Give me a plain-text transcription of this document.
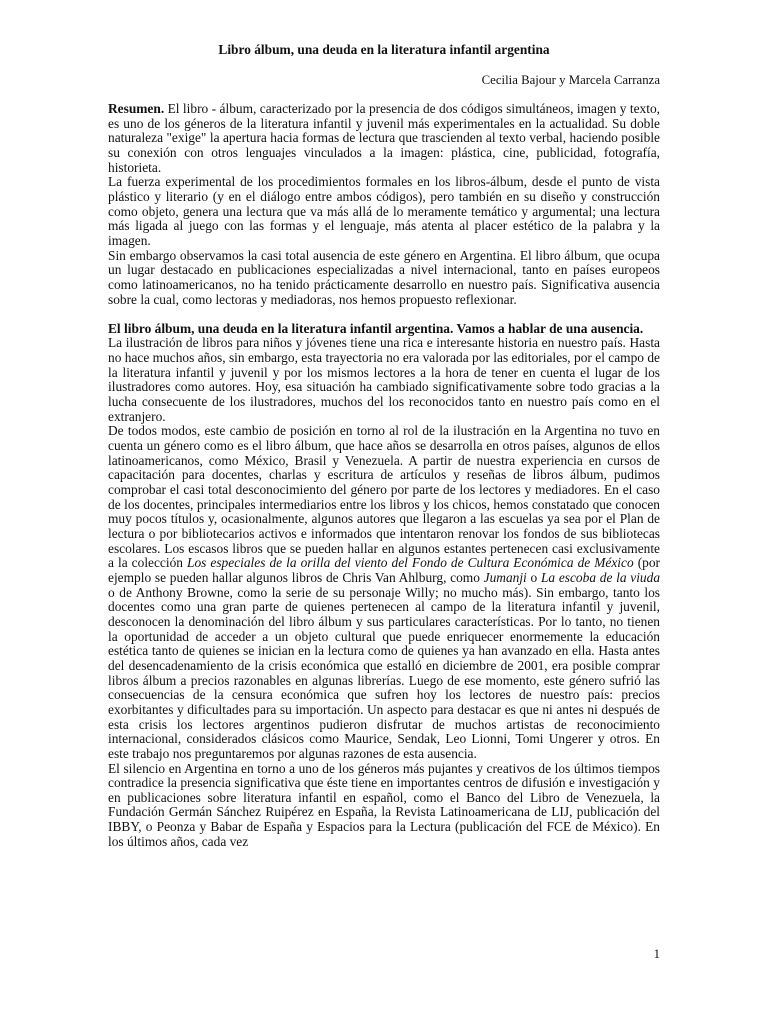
Libro álbum, una deuda en la literatura infantil argentina
Cecilia Bajour y Marcela Carranza

Resumen. El libro - álbum, caracterizado por la presencia de dos códigos simultáneos, imagen y texto, es uno de los géneros de la literatura infantil y juvenil más experimentales en la actualidad. Su doble naturaleza "exige" la apertura hacia formas de lectura que trascienden al texto verbal, haciendo posible su conexión con otros lenguajes vinculados a la imagen: plástica, cine, publicidad, fotografía, historieta.

La fuerza experimental de los procedimientos formales en los libros-álbum, desde el punto de vista plástico y literario (y en el diálogo entre ambos códigos), pero también en su diseño y construcción como objeto, genera una lectura que va más allá de lo meramente temático y argumental; una lectura más ligada al juego con las formas y el lenguaje, más atenta al placer estético de la palabra y la imagen.

Sin embargo observamos la casi total ausencia de este género en Argentina. El libro álbum, que ocupa un lugar destacado en publicaciones especializadas a nivel internacional, tanto en países europeos como latinoamericanos, no ha tenido prácticamente desarrollo en nuestro país. Significativa ausencia sobre la cual, como lectoras y mediadoras, nos hemos propuesto reflexionar.

El libro álbum, una deuda en la literatura infantil argentina. Vamos a hablar de una ausencia.

La ilustración de libros para niños y jóvenes tiene una rica e interesante historia en nuestro país. Hasta no hace muchos años, sin embargo, esta trayectoria no era valorada por las editoriales, por el campo de la literatura infantil y juvenil y por los mismos lectores a la hora de tener en cuenta el lugar de los ilustradores como autores. Hoy, esa situación ha cambiado significativamente sobre todo gracias a la lucha consecuente de los ilustradores, muchos del los reconocidos tanto en nuestro país como en el extranjero.

De todos modos, este cambio de posición en torno al rol de la ilustración en la Argentina no tuvo en cuenta un género como es el libro álbum, que hace años se desarrolla en otros países, algunos de ellos latinoamericanos, como México, Brasil y Venezuela. A partir de nuestra experiencia en cursos de capacitación para docentes, charlas y escritura de artículos y reseñas de libros álbum, pudimos comprobar el casi total desconocimiento del género por parte de los lectores y mediadores. En el caso de los docentes, principales intermediarios entre los libros y los chicos, hemos constatado que conocen muy pocos títulos y, ocasionalmente, algunos autores que llegaron a las escuelas ya sea por el Plan de lectura o por bibliotecarios activos e informados que intentaron renovar los fondos de sus bibliotecas escolares. Los escasos libros que se pueden hallar en algunos estantes pertenecen casi exclusivamente a la colección Los especiales de la orilla del viento del Fondo de Cultura Económica de México (por ejemplo se pueden hallar algunos libros de Chris Van Ahlburg, como Jumanji o La escoba de la viuda o de Anthony Browne, como la serie de su personaje Willy; no mucho más). Sin embargo, tanto los docentes como una gran parte de quienes pertenecen al campo de la literatura infantil y juvenil, desconocen la denominación del libro álbum y sus particulares características. Por lo tanto, no tienen la oportunidad de acceder a un objeto cultural que puede enriquecer enormemente la educación estética tanto de quienes se inician en la lectura como de quienes ya han avanzado en ella. Hasta antes del desencadenamiento de la crisis económica que estalló en diciembre de 2001, era posible comprar libros álbum a precios razonables en algunas librerías. Luego de ese momento, este género sufrió las consecuencias de la censura económica que sufren hoy los lectores de nuestro país: precios exorbitantes y dificultades para su importación. Un aspecto para destacar es que ni antes ni después de esta crisis los lectores argentinos pudieron disfrutar de muchos artistas de reconocimiento internacional, considerados clásicos como Maurice, Sendak, Leo Lionni, Tomi Ungerer y otros. En este trabajo nos preguntaremos por algunas razones de esta ausencia.

El silencio en Argentina en torno a uno de los géneros más pujantes y creativos de los últimos tiempos contradice la presencia significativa que éste tiene en importantes centros de difusión e investigación y en publicaciones sobre literatura infantil en español, como el Banco del Libro de Venezuela, la Fundación Germán Sánchez Ruipérez en España, la Revista Latinoamericana de LIJ, publicación del IBBY, o Peonza y Babar de España y Espacios para la Lectura (publicación del FCE de México). En los últimos años, cada vez

1
